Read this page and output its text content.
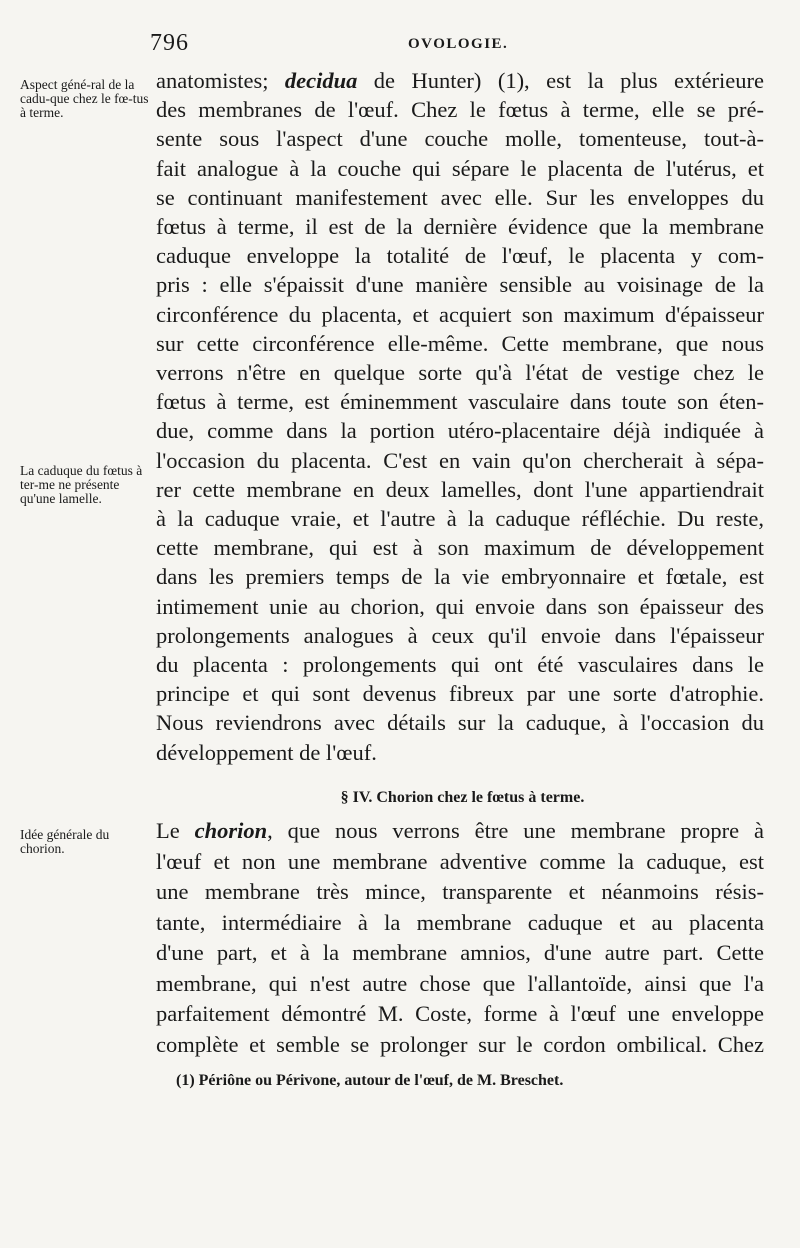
796	OVOLOGIE.
Aspect géné-ral de la cadu-que chez le fœ-tus à terme.
La caduque du fœtus à ter-me ne présente qu'une lamelle.
Idée générale du chorion.
anatomistes; decidua de Hunter) (1), est la plus extérieure
des membranes de l'œuf. Chez le fœtus à terme, elle se pré-
sente sous l'aspect d'une couche molle, tomenteuse, tout-à-
fait analogue à la couche qui sépare le placenta de l'utérus, et
se continuant manifestement avec elle. Sur les enveloppes du
fœtus à terme, il est de la dernière évidence que la membrane
caduque enveloppe la totalité de l'œuf, le placenta y com-
pris : elle s'épaissit d'une manière sensible au voisinage de la
circonférence du placenta, et acquiert son maximum d'épaisseur
sur cette circonférence elle-même. Cette membrane, que nous
verrons n'être en quelque sorte qu'à l'état de vestige chez le
fœtus à terme, est éminemment vasculaire dans toute son éten-
due, comme dans la portion utéro-placentaire déjà indiquée à
l'occasion du placenta. C'est en vain qu'on chercherait à sépa-
rer cette membrane en deux lamelles, dont l'une appartiendrait
à la caduque vraie, et l'autre à la caduque réfléchie. Du reste,
cette membrane, qui est à son maximum de développement
dans les premiers temps de la vie embryonnaire et fœtale, est
intimement unie au chorion, qui envoie dans son épaisseur des
prolongements analogues à ceux qu'il envoie dans l'épaisseur
du placenta : prolongements qui ont été vasculaires dans le
principe et qui sont devenus fibreux par une sorte d'atrophie.
Nous reviendrons avec détails sur la caduque, à l'occasion du
développement de l'œuf.
§ IV. Chorion chez le fœtus à terme.
Le chorion, que nous verrons être une membrane propre à
l'œuf et non une membrane adventive comme la caduque, est
une membrane très mince, transparente et néanmoins résis-
tante, intermédiaire à la membrane caduque et au placenta
d'une part, et à la membrane amnios, d'une autre part. Cette
membrane, qui n'est autre chose que l'allantoïde, ainsi que l'a
parfaitement démontré M. Coste, forme à l'œuf une enveloppe
complète et semble se prolonger sur le cordon ombilical. Chez
(1) Périône ou Périvone, autour de l'œuf, de M. Breschet.
